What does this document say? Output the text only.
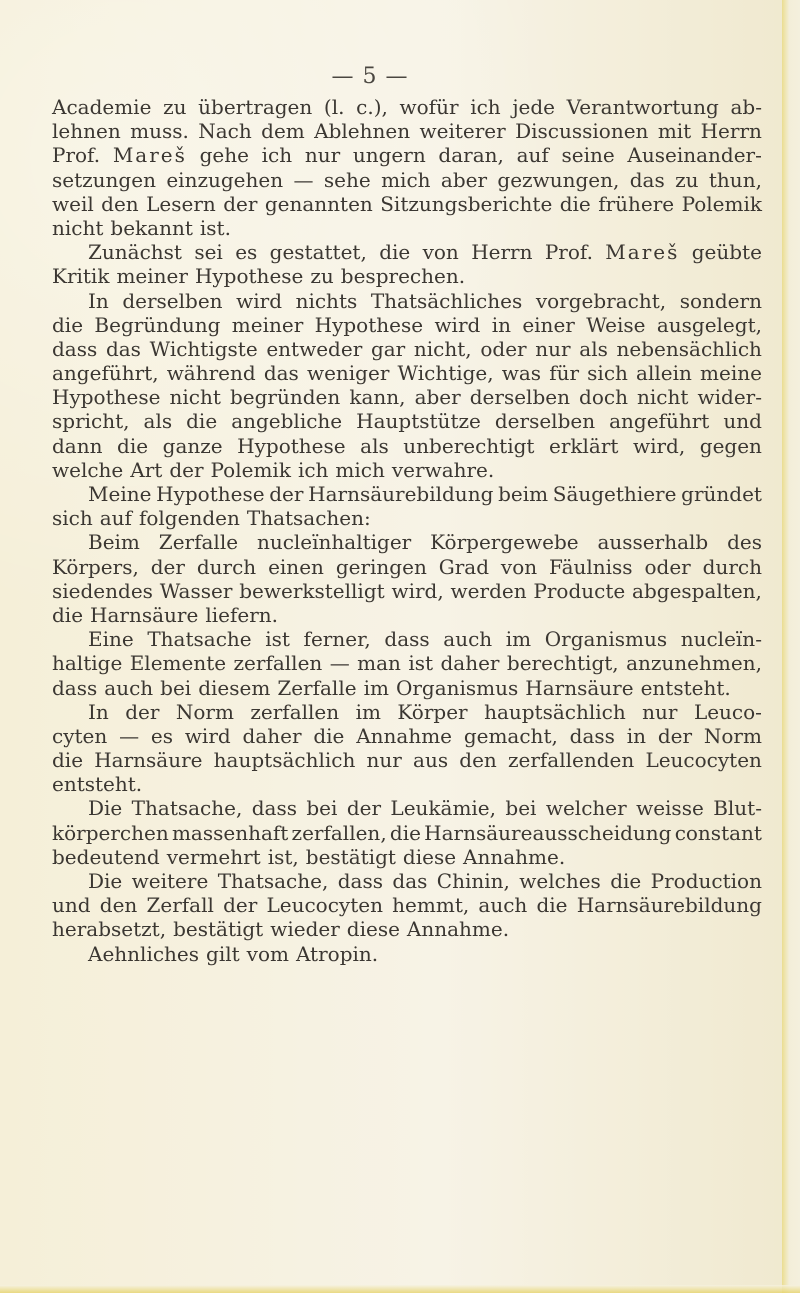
— 5 —
Academie zu übertragen (l. c.), wofür ich jede Verantwortung ab-
lehnen muss. Nach dem Ablehnen weiterer Discussionen mit Herrn
Prof. Mareš gehe ich nur ungern daran, auf seine Auseinander-
setzungen einzugehen — sehe mich aber gezwungen, das zu thun,
weil den Lesern der genannten Sitzungsberichte die frühere Polemik
nicht bekannt ist.
Zunächst sei es gestattet, die von Herrn Prof. Mareš geübte
Kritik meiner Hypothese zu besprechen.
In derselben wird nichts Thatsächliches vorgebracht, sondern
die Begründung meiner Hypothese wird in einer Weise ausgelegt,
dass das Wichtigste entweder gar nicht, oder nur als nebensächlich
angeführt, während das weniger Wichtige, was für sich allein meine
Hypothese nicht begründen kann, aber derselben doch nicht wider-
spricht, als die angebliche Hauptstütze derselben angeführt und
dann die ganze Hypothese als unberechtigt erklärt wird, gegen
welche Art der Polemik ich mich verwahre.
Meine Hypothese der Harnsäurebildung beim Säugethiere gründet
sich auf folgenden Thatsachen:
Beim Zerfalle nucleïnhaltiger Körpergewebe ausserhalb des
Körpers, der durch einen geringen Grad von Fäulniss oder durch
siedendes Wasser bewerkstelligt wird, werden Producte abgespalten,
die Harnsäure liefern.
Eine Thatsache ist ferner, dass auch im Organismus nucleïn-
haltige Elemente zerfallen — man ist daher berechtigt, anzunehmen,
dass auch bei diesem Zerfalle im Organismus Harnsäure entsteht.
In der Norm zerfallen im Körper hauptsächlich nur Leuco-
cyten — es wird daher die Annahme gemacht, dass in der Norm
die Harnsäure hauptsächlich nur aus den zerfallenden Leucocyten
entsteht.
Die Thatsache, dass bei der Leukämie, bei welcher weisse Blut-
körperchen massenhaft zerfallen, die Harnsäureausscheidung constant
bedeutend vermehrt ist, bestätigt diese Annahme.
Die weitere Thatsache, dass das Chinin, welches die Production
und den Zerfall der Leucocyten hemmt, auch die Harnsäurebildung
herabsetzt, bestätigt wieder diese Annahme.
Aehnliches gilt vom Atropin.
